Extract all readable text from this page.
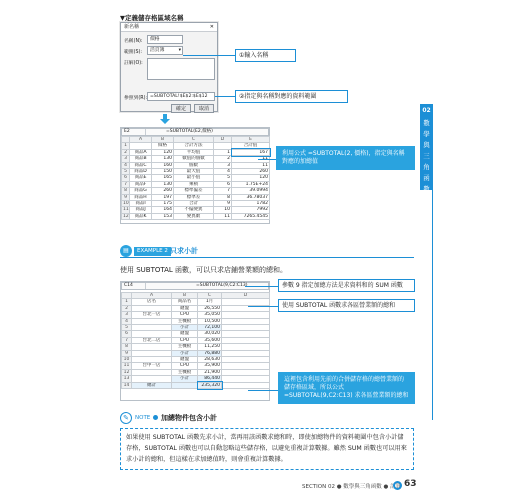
▼定義儲存格區域名稱
新名稱	✕
名稱(N):	價格
範圍(S):	活頁簿	▾
註解(O):
參照到(R): =SUBTOTAL!$E$2:$E$12
確定	取消
①輸入名稱
②指定與名稱對應的資料範圍
E2	=SUBTOTAL(E2,價格)
	A	B	C	D	E
1		價格	合計方法		合計值
2	商品A	120	平均值	1	167
3	商品B	130	數值的個數	2	11
4	商品C	160	個數	3	11
5	商品D	150	最大值	4	260
6	商品E	165	最小值	5	120
7	商品F	130	乘積	6	1.75E+24
8	商品G	260	標準偏差	7	39.0994
9	商品H	197	標準差	8	36.78037
10	商品I	175	合計	9	1782
11	商品J	164	不偏變異	10	7992
12	商品K	153	變異數	11	7265.4545
利用公式 =SUBTOTAL(2, 價格)，指定與名稱對應的加總值
▤	EXAMPLE 2 只求小計
使用 SUBTOTAL 函數，可以只求店鋪營業額的總和。
C14	=SUBTOTAL(9,C2:C13)
	A	B	C	D
1	店名	商品名	1月	
2		鍵盤	26,550	
3	台北一店	CPU	35,050	
4		主機板	10,500	
5		小計	72,100	
6		鍵盤	30,020	
7	台北二店	CPU	35,600	
8		主機板	11,250	
9		小計	76,880	
10		鍵盤	28,630	
11	台中一店	CPU	35,900	
12		主機板	21,900	
13		小計	86,440	
14	總計		235,320	
參數 9 指定加總方法是求資料和的 SUM 函數
使用 SUBTOTAL 函數求各區營業額的總和
這裡包含利用先前的合併儲存格的總營業額的儲存格區域，所以公式 =SUBTOTAL(9,C2:C13) 求各區營業額的總和
✎	NOTE 加總物件包含小計
如果使用 SUBTOTAL 函數先求小計，當再用該函數求總和時，即使加總物件的資料範圍中包含小計儲存格，SUBTOTAL 函數也可以自動忽略這些儲存格，以避免重複計算數據。雖然 SUM 函數也可以用來求小計的總和，但這樣在求加總值時，則會重複計算數據。
02
數學與三角函數
SECTION 02 ● 數學與三角函數 ● 計算 63
